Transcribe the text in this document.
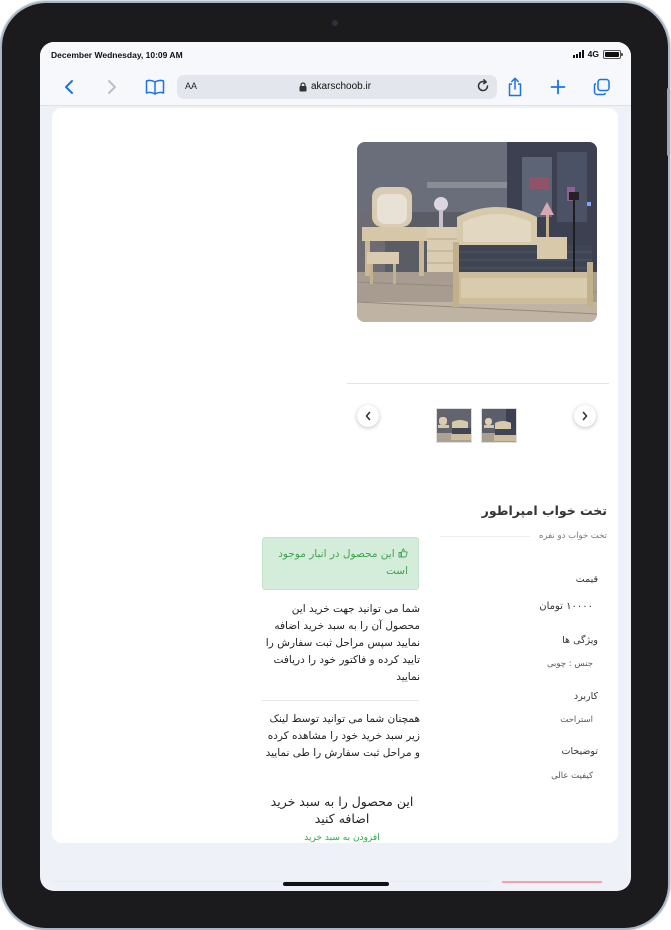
December Wednesday, 10:09 AM	4G
AA	akarschoob.ir
تخت خواب امپراطور
تخت خواب دو نفره
قیمت
۱۰۰۰۰ تومان
ویژگی ها
جنس : چوبی
کاربرد
استراحت
توضیحات
کیفیت عالی
این محصول در انبار موجود است
شما می توانید جهت خرید این محصول آن را به سبد خرید اضافه نمایید سپس مراحل ثبت سفارش را تایید کرده و فاکتور خود را دریافت نمایید
همچنان شما می توانید توسط لینک زیر سبد خرید خود را مشاهده کرده و مراحل ثبت سفارش را طی نمایید
این محصول را به سبد خرید اضافه کنید
افزودن به سبد خرید
